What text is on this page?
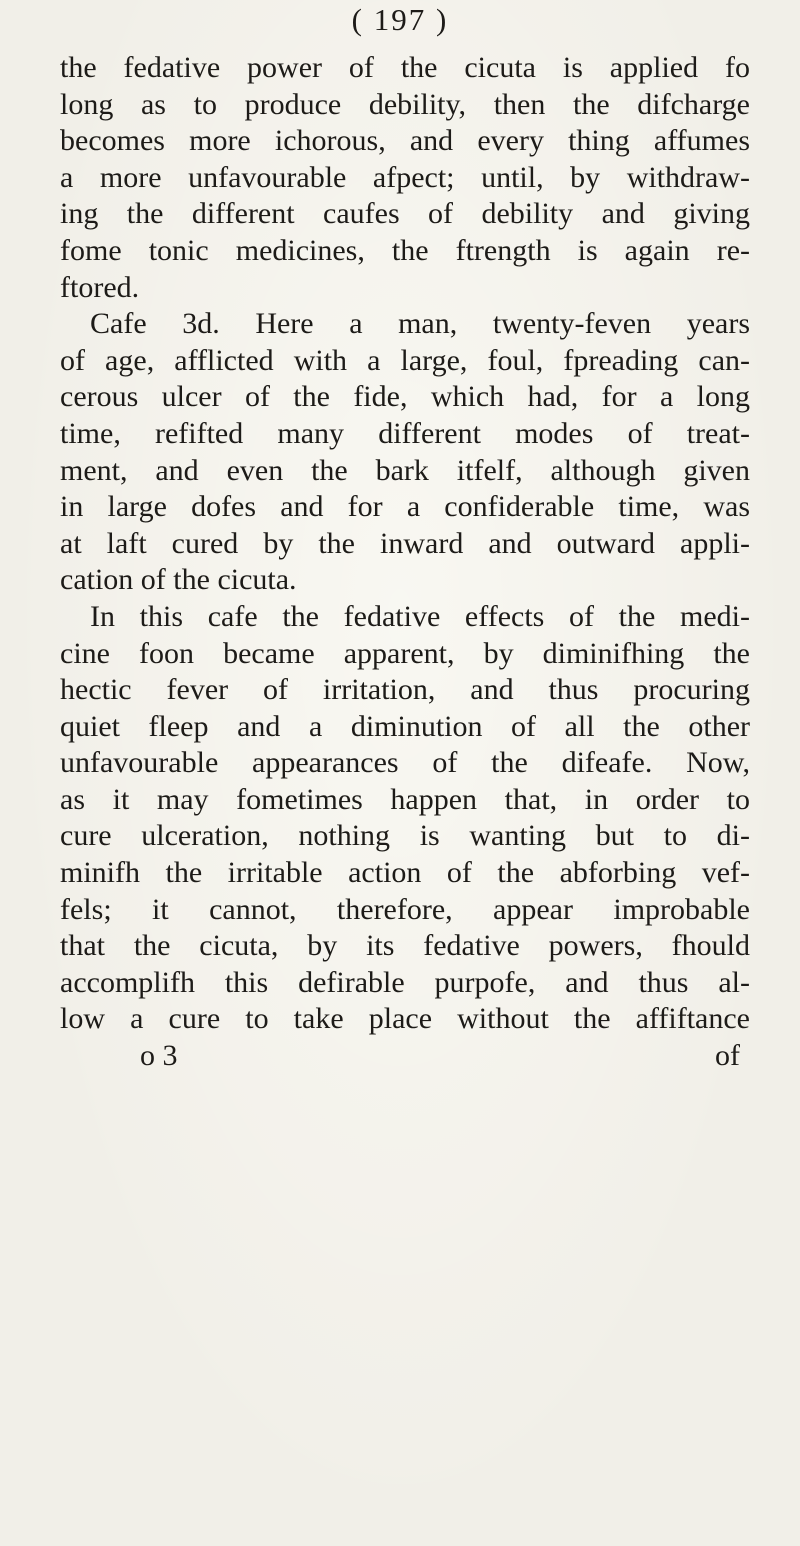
( 197 )
the fedative power of the cicuta is applied fo
long as to produce debility, then the difcharge
becomes more ichorous, and every thing affumes
a more unfavourable afpect; until, by withdraw-
ing the different caufes of debility and giving
fome tonic medicines, the ftrength is again re-
ftored.
Cafe 3d. Here a man, twenty-feven years
of age, afflicted with a large, foul, fpreading can-
cerous ulcer of the fide, which had, for a long
time, refifted many different modes of treat-
ment, and even the bark itfelf, although given
in large dofes and for a confiderable time, was
at laft cured by the inward and outward appli-
cation of the cicuta.
In this cafe the fedative effects of the medi-
cine foon became apparent, by diminifhing the
hectic fever of irritation, and thus procuring
quiet fleep and a diminution of all the other
unfavourable appearances of the difeafe. Now,
as it may fometimes happen that, in order to
cure ulceration, nothing is wanting but to di-
minifh the irritable action of the abforbing vef-
fels; it cannot, therefore, appear improbable
that the cicuta, by its fedative powers, fhould
accomplifh this defirable purpofe, and thus al-
low a cure to take place without the affiftance
o 3	of
